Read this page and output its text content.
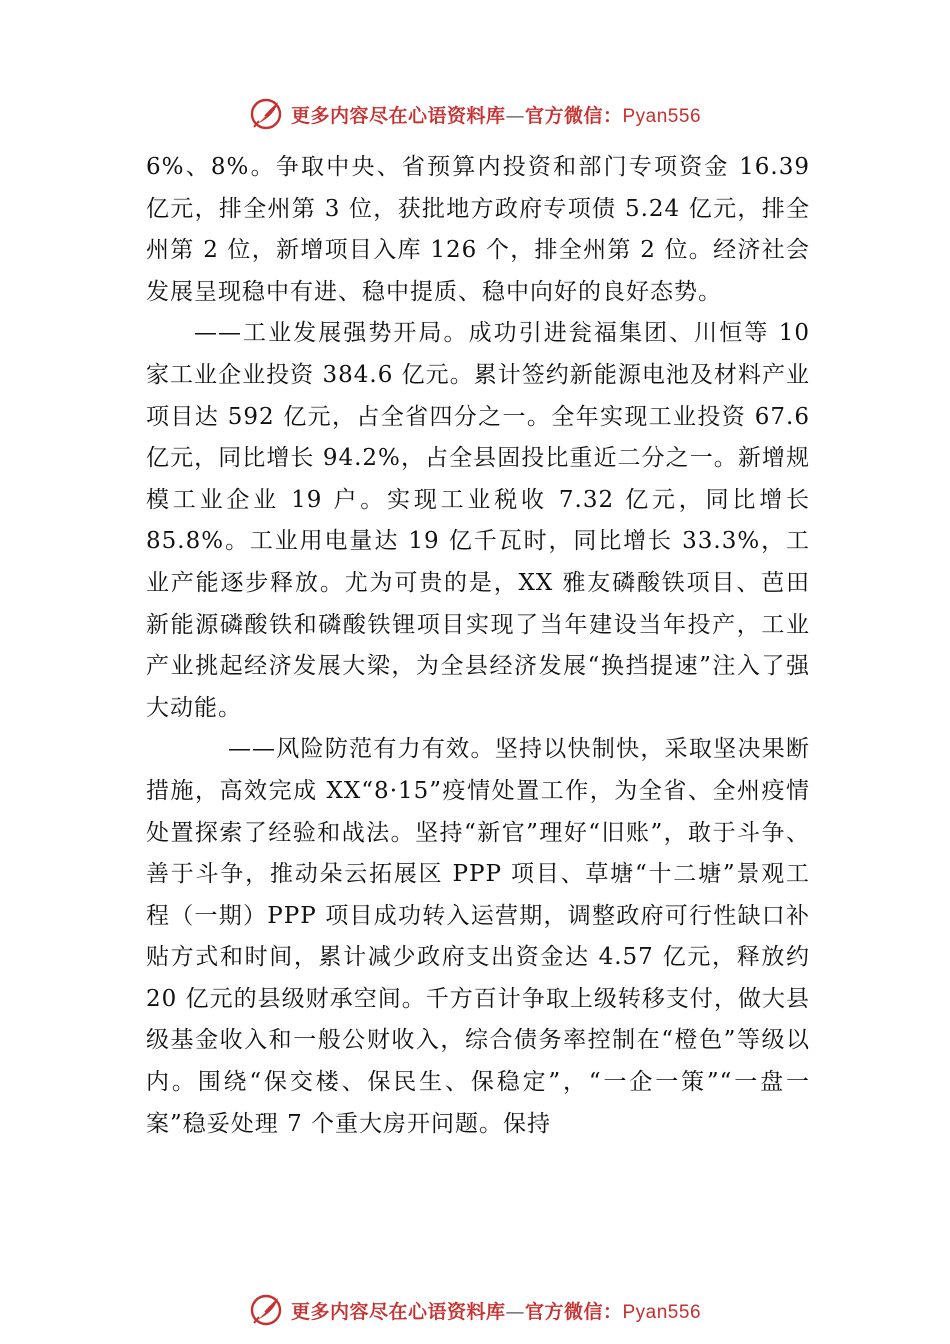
更多内容尽在心语资料库—官方微信：Pyan556

6%、8%。争取中央、省预算内投资和部门专项资金 16.39 亿元，排全州第 3 位，获批地方政府专项债 5.24 亿元，排全州第 2 位，新增项目入库 126 个，排全州第 2 位。经济社会发展呈现稳中有进、稳中提质、稳中向好的良好态势。

——工业发展强势开局。成功引进瓮福集团、川恒等 10 家工业企业投资 384.6 亿元。累计签约新能源电池及材料产业项目达 592 亿元，占全省四分之一。全年实现工业投资 67.6 亿元，同比增长 94.2%，占全县固投比重近二分之一。新增规模工业企业 19 户。实现工业税收 7.32 亿元，同比增长 85.8%。工业用电量达 19 亿千瓦时，同比增长 33.3%，工业产能逐步释放。尤为可贵的是，XX 雅友磷酸铁项目、芭田新能源磷酸铁和磷酸铁锂项目实现了当年建设当年投产，工业产业挑起经济发展大梁，为全县经济发展“换挡提速”注入了强大动能。

——风险防范有力有效。坚持以快制快，采取坚决果断措施，高效完成 XX“8·15”疫情处置工作，为全省、全州疫情处置探索了经验和战法。坚持“新官”理好“旧账”，敢于斗争、善于斗争，推动朵云拓展区 PPP 项目、草塘“十二塘”景观工程（一期）PPP 项目成功转入运营期，调整政府可行性缺口补贴方式和时间，累计减少政府支出资金达 4.57 亿元，释放约 20 亿元的县级财承空间。千方百计争取上级转移支付，做大县级基金收入和一般公财收入，综合债务率控制在“橙色”等级以内。围绕“保交楼、保民生、保稳定”，“一企一策”“一盘一案”稳妥处理 7 个重大房开问题。保持

更多内容尽在心语资料库—官方微信：Pyan556
